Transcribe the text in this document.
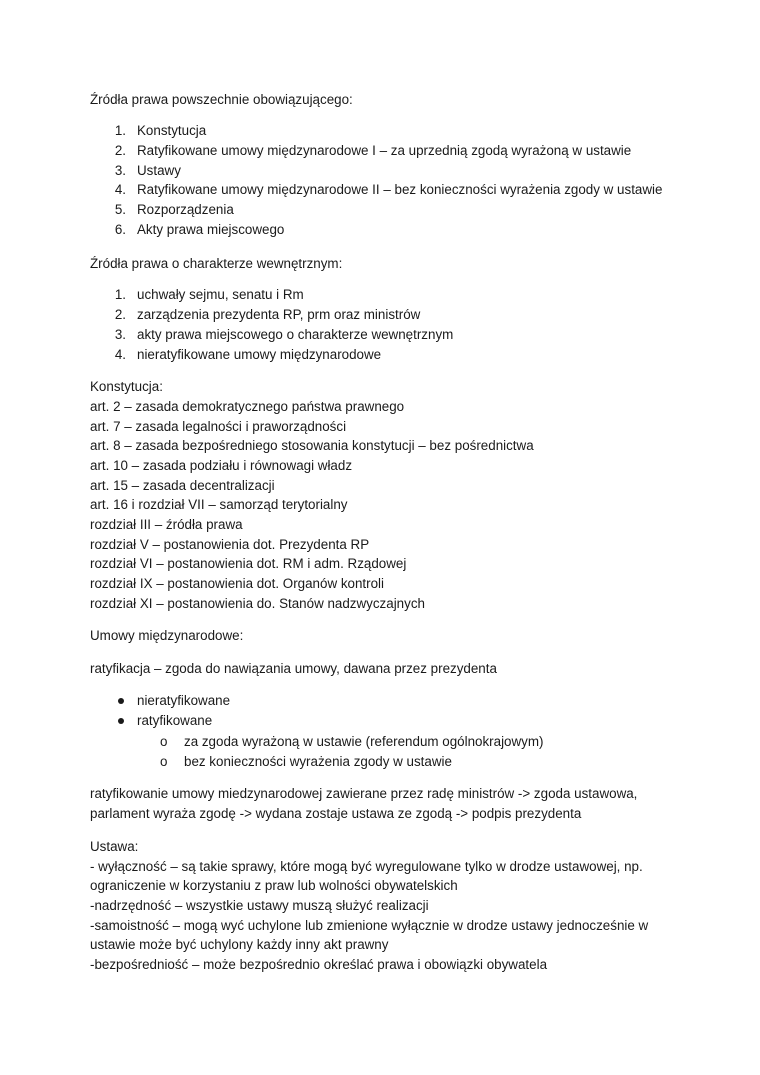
Źródła prawa powszechnie obowiązującego:
1. Konstytucja
2. Ratyfikowane umowy międzynarodowe I – za uprzednią zgodą wyrażoną w ustawie
3. Ustawy
4. Ratyfikowane umowy międzynarodowe II – bez konieczności wyrażenia zgody w ustawie
5. Rozporządzenia
6. Akty prawa miejscowego
Źródła prawa o charakterze wewnętrznym:
1. uchwały sejmu, senatu i Rm
2. zarządzenia prezydenta RP, prm oraz ministrów
3. akty prawa miejscowego o charakterze wewnętrznym
4. nieratyfikowane umowy międzynarodowe
Konstytucja:
art. 2 – zasada demokratycznego państwa prawnego
art. 7 – zasada legalności i praworządności
art. 8 – zasada bezpośredniego stosowania konstytucji – bez pośrednictwa
art. 10 – zasada podziału i równowagi władz
art. 15 – zasada decentralizacji
art. 16 i rozdział VII – samorząd terytorialny
rozdział III – źródła prawa
rozdział V – postanowienia dot. Prezydenta RP
rozdział VI – postanowienia dot. RM i adm. Rządowej
rozdział IX – postanowienia dot. Organów kontroli
rozdział XI – postanowienia do. Stanów nadzwyczajnych
Umowy międzynarodowe:
ratyfikacja – zgoda do nawiązania umowy, dawana przez prezydenta
nieratyfikowane
ratyfikowane
o za zgoda wyrażoną w ustawie (referendum ogólnokrajowym)
o bez konieczności wyrażenia zgody w ustawie
ratyfikowanie umowy miedzynarodowej zawierane przez radę ministrów -> zgoda ustawowa,
parlament wyraża zgodę -> wydana zostaje ustawa ze zgodą -> podpis prezydenta
Ustawa:
- wyłączność – są takie sprawy, które mogą być wyregulowane tylko w drodze ustawowej, np.
ograniczenie w korzystaniu z praw lub wolności obywatelskich
-nadrzędność – wszystkie ustawy muszą służyć realizacji
-samoistność – mogą wyć uchylone lub zmienione wyłącznie w drodze ustawy jednocześnie w
ustawie może być uchylony każdy inny akt prawny
-bezpośredniość – może bezpośrednio określać prawa i obowiązki obywatela
